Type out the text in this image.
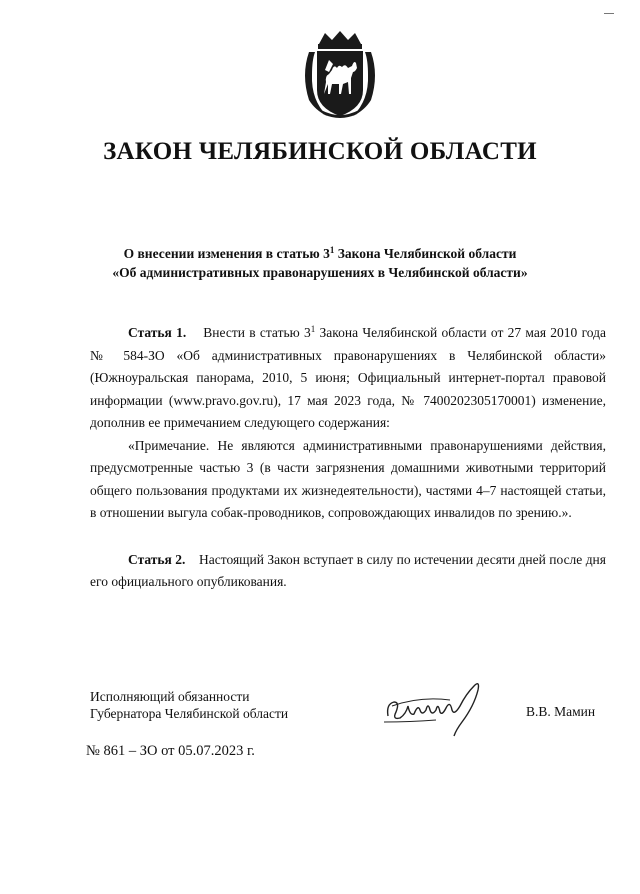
ЗАКОН ЧЕЛЯБИНСКОЙ ОБЛАСТИ
О внесении изменения в статью $3^1$ Закона Челябинской области
«Об административных правонарушениях в Челябинской области»

Статья 1.    Внести в статью $3^1$ Закона Челябинской области от 27 мая 2010 года № 584-ЗО «Об административных правонарушениях в Челябинской области» (Южноуральская панорама, 2010, 5 июня; Официальный интернет-портал правовой информации (www.pravo.gov.ru), 17 мая 2023 года, № 7400202305170001) изменение, дополнив ее примечанием следующего содержания:

«Примечание. Не являются административными правонарушениями действия, предусмотренные частью 3 (в части загрязнения домашними животными территорий общего пользования продуктами их жизнедеятельности), частями 4–7 настоящей статьи, в отношении выгула собак-проводников, сопровождающих инвалидов по зрению.».

Статья 2.    Настоящий Закон вступает в силу по истечении десяти дней после дня его официального опубликования.

Исполняющий обязанности
Губернатора Челябинской области	В.В. Мамин
№ 861 – ЗО от 05.07.2023 г.
